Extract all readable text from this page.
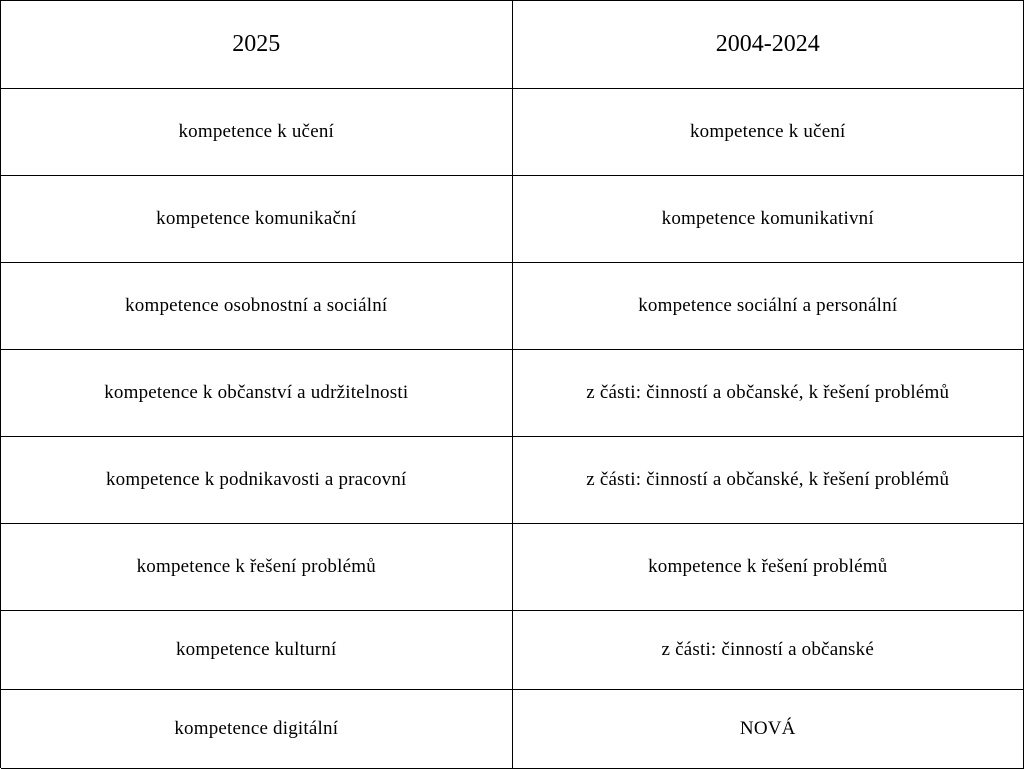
2025	2004-2024
kompetence k učení	kompetence k učení
kompetence komunikační	kompetence komunikativní
kompetence osobnostní a sociální	kompetence sociální a personální
kompetence k občanství a udržitelnosti	z části: činností a občanské, k řešení problémů
kompetence k podnikavosti a pracovní	z části: činností a občanské, k řešení problémů
kompetence k řešení problémů	kompetence k řešení problémů
kompetence kulturní	z části: činností a občanské
kompetence digitální	NOVÁ
